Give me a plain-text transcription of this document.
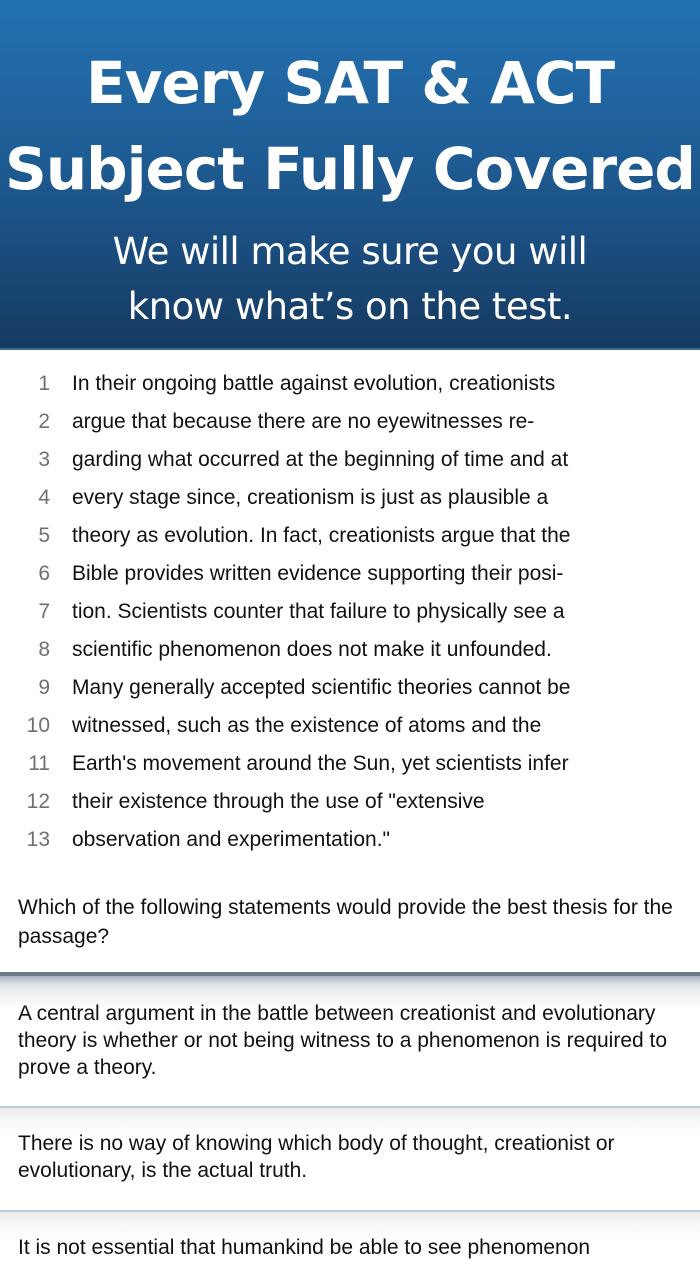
Every SAT & ACT
Subject Fully Covered
We will make sure you will
know what’s on the test.
1 In their ongoing battle against evolution, creationists
2 argue that because there are no eyewitnesses re-
3 garding what occurred at the beginning of time and at
4 every stage since, creationism is just as plausible a
5 theory as evolution. In fact, creationists argue that the
6 Bible provides written evidence supporting their posi-
7 tion. Scientists counter that failure to physically see a
8 scientific phenomenon does not make it unfounded.
9 Many generally accepted scientific theories cannot be
10 witnessed, such as the existence of atoms and the
11 Earth's movement around the Sun, yet scientists infer
12 their existence through the use of "extensive
13 observation and experimentation."
Which of the following statements would provide the best thesis for the passage?
A central argument in the battle between creationist and evolutionary theory is whether or not being witness to a phenomenon is required to prove a theory.
There is no way of knowing which body of thought, creationist or evolutionary, is the actual truth.
It is not essential that humankind be able to see phenomenon
